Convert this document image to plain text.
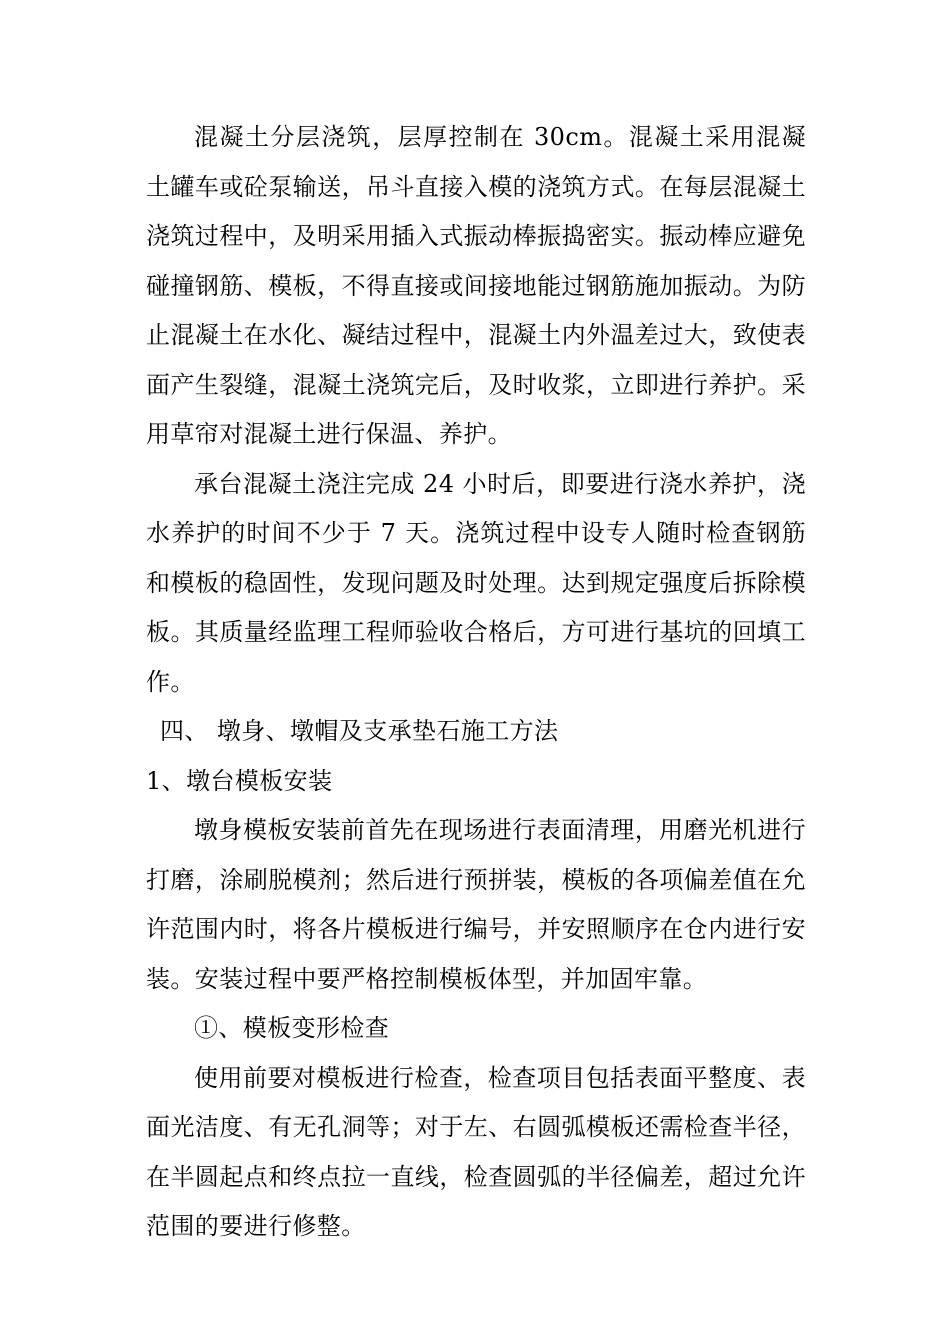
混凝土分层浇筑，层厚控制在 30cm。混凝土采用混凝土罐车或砼泵输送，吊斗直接入模的浇筑方式。在每层混凝土浇筑过程中，及明采用插入式振动棒振捣密实。振动棒应避免碰撞钢筋、模板，不得直接或间接地能过钢筋施加振动。为防止混凝土在水化、凝结过程中，混凝土内外温差过大，致使表面产生裂缝，混凝土浇筑完后，及时收浆，立即进行养护。采用草帘对混凝土进行保温、养护。

承台混凝土浇注完成 24 小时后，即要进行浇水养护，浇水养护的时间不少于 7 天。浇筑过程中设专人随时检查钢筋和模板的稳固性，发现问题及时处理。达到规定强度后拆除模板。其质量经监理工程师验收合格后，方可进行基坑的回填工作。

四、 墩身、墩帽及支承垫石施工方法

1、墩台模板安装

墩身模板安装前首先在现场进行表面清理，用磨光机进行打磨，涂刷脱模剂；然后进行预拼装，模板的各项偏差值在允许范围内时，将各片模板进行编号，并安照顺序在仓内进行安装。安装过程中要严格控制模板体型，并加固牢靠。

①、模板变形检查

使用前要对模板进行检查，检查项目包括表面平整度、表面光洁度、有无孔洞等；对于左、右圆弧模板还需检查半径，在半圆起点和终点拉一直线，检查圆弧的半径偏差，超过允许范围的要进行修整。
